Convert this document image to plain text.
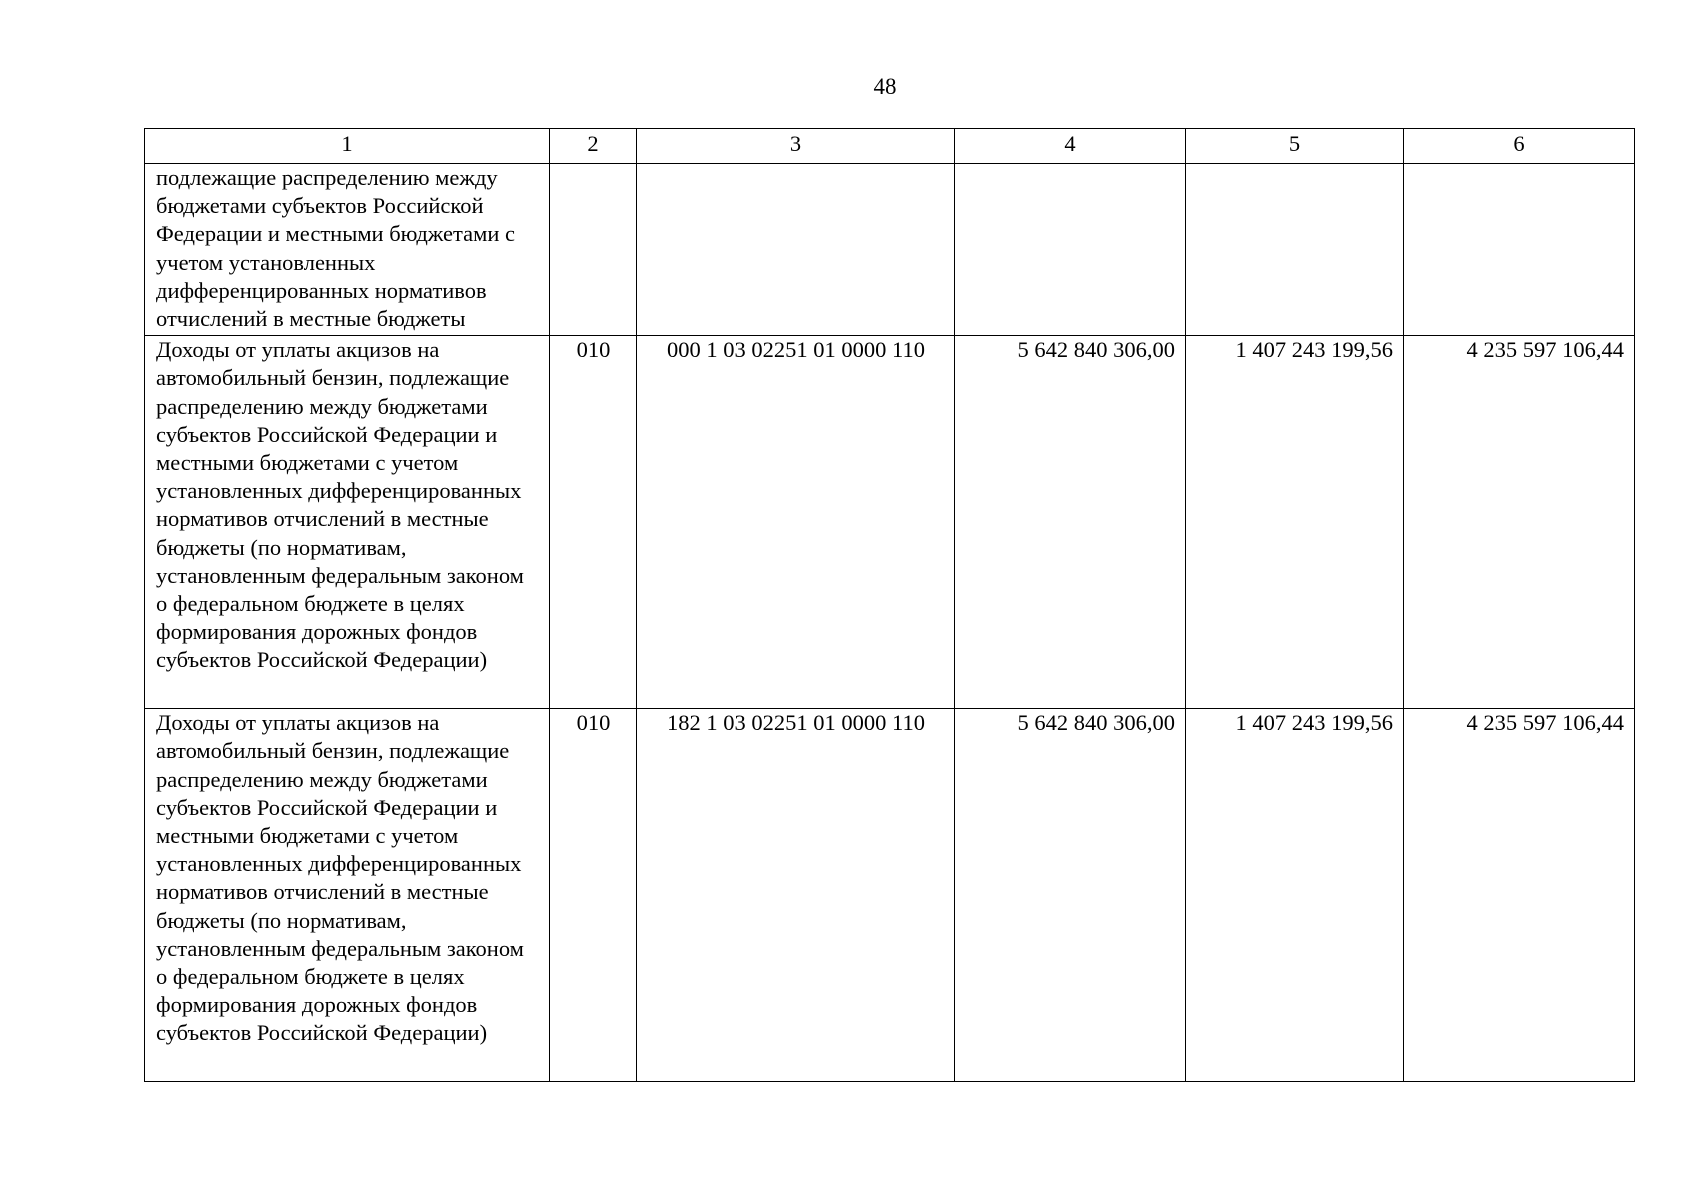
48
1	2	3	4	5	6
подлежащие распределению между бюджетами субъектов Российской Федерации и местными бюджетами с учетом установленных дифференцированных нормативов отчислений в местные бюджеты					
Доходы от уплаты акцизов на автомобильный бензин, подлежащие распределению между бюджетами субъектов Российской Федерации и местными бюджетами с учетом установленных дифференцированных нормативов отчислений в местные бюджеты (по нормативам, установленным федеральным законом о федеральном бюджете в целях формирования дорожных фондов субъектов Российской Федерации)	010	000 1 03 02251 01 0000 110	5 642 840 306,00	1 407 243 199,56	4 235 597 106,44
Доходы от уплаты акцизов на автомобильный бензин, подлежащие распределению между бюджетами субъектов Российской Федерации и местными бюджетами с учетом установленных дифференцированных нормативов отчислений в местные бюджеты (по нормативам, установленным федеральным законом о федеральном бюджете в целях формирования дорожных фондов субъектов Российской Федерации)	010	182 1 03 02251 01 0000 110	5 642 840 306,00	1 407 243 199,56	4 235 597 106,44
